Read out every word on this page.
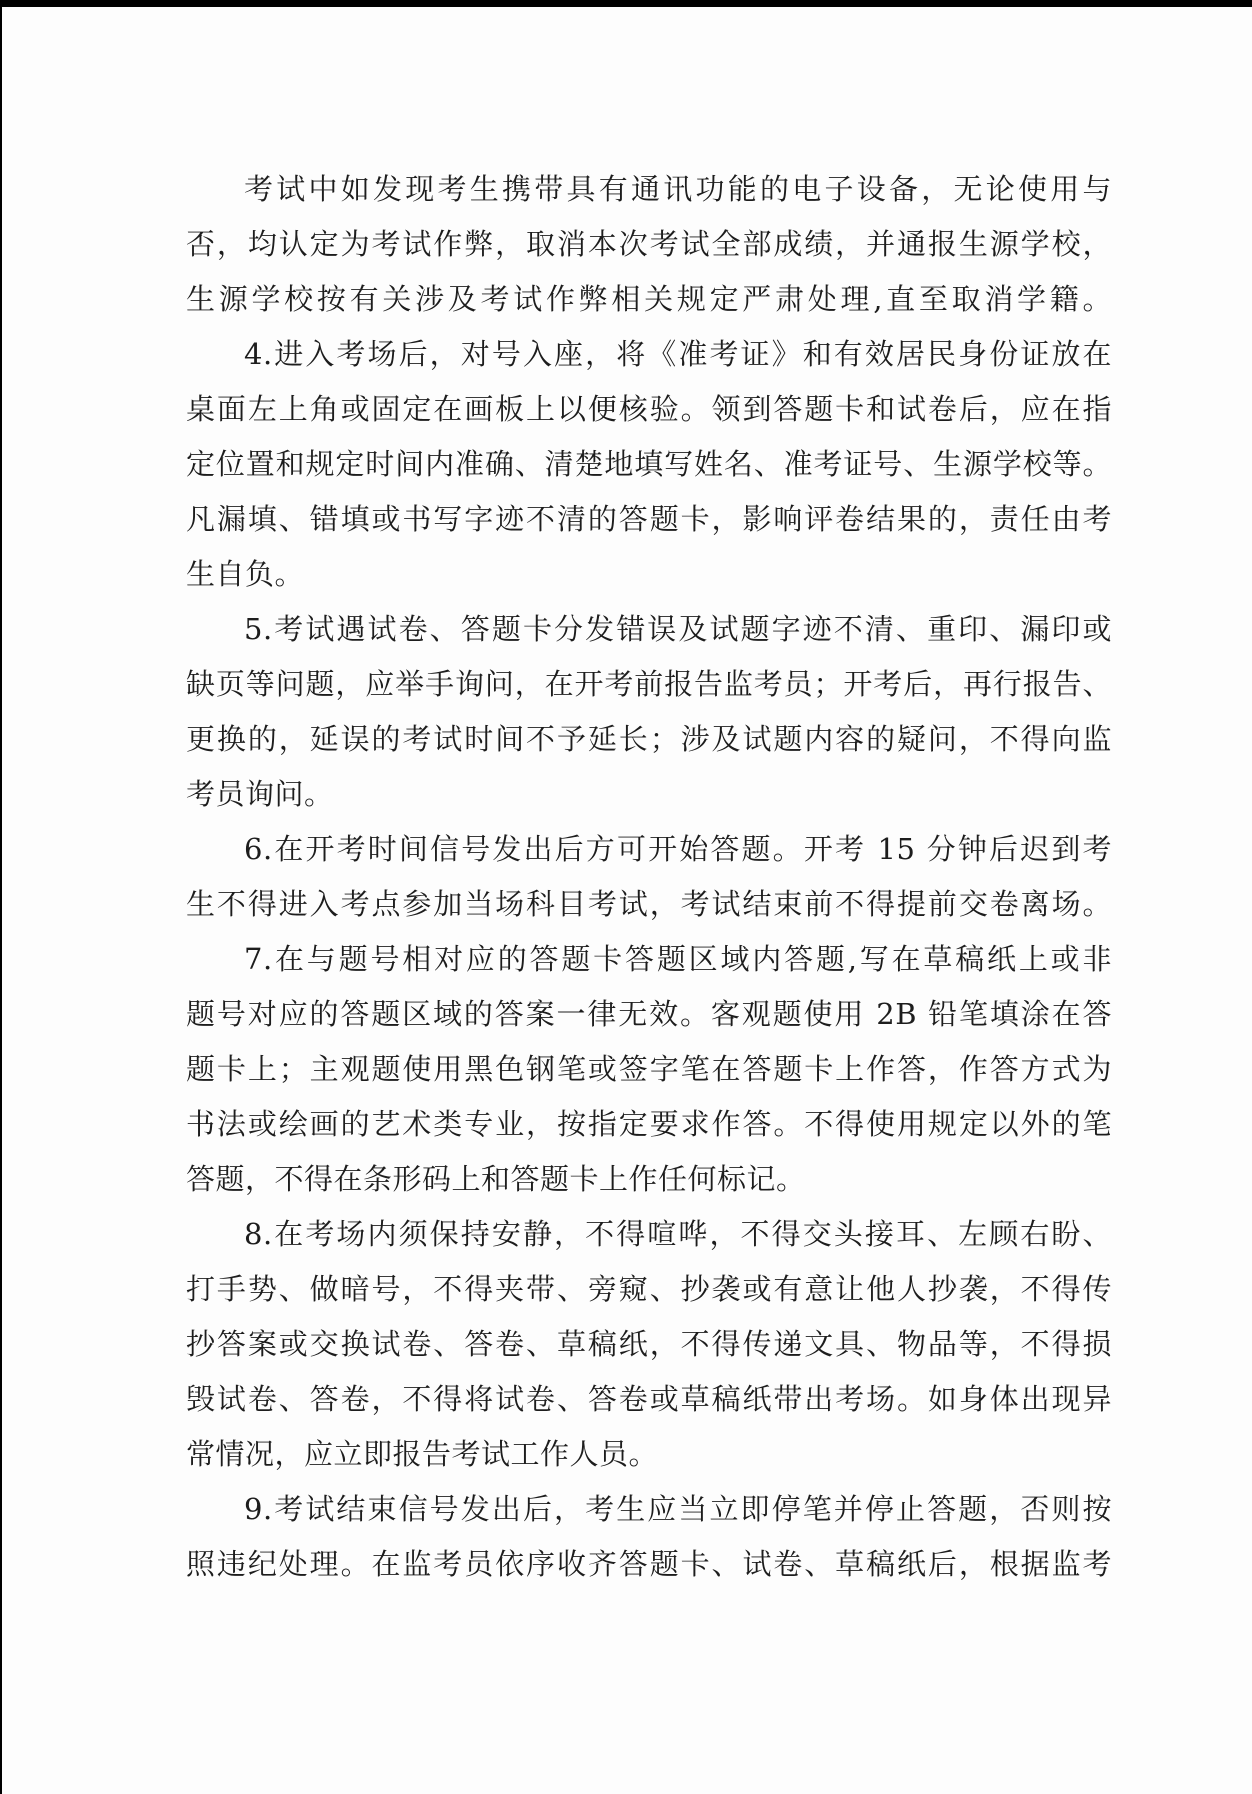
考试中如发现考生携带具有通讯功能的电子设备，无论使用与
否，均认定为考试作弊，取消本次考试全部成绩，并通报生源学校，
生源学校按有关涉及考试作弊相关规定严肃处理,直至取消学籍。
4.进入考场后，对号入座，将《准考证》和有效居民身份证放在
桌面左上角或固定在画板上以便核验。领到答题卡和试卷后，应在指
定位置和规定时间内准确、清楚地填写姓名、准考证号、生源学校等。
凡漏填、错填或书写字迹不清的答题卡，影响评卷结果的，责任由考
生自负。
5.考试遇试卷、答题卡分发错误及试题字迹不清、重印、漏印或
缺页等问题，应举手询问，在开考前报告监考员；开考后，再行报告、
更换的，延误的考试时间不予延长；涉及试题内容的疑问，不得向监
考员询问。
6.在开考时间信号发出后方可开始答题。开考 15 分钟后迟到考
生不得进入考点参加当场科目考试，考试结束前不得提前交卷离场。
7.在与题号相对应的答题卡答题区域内答题,写在草稿纸上或非
题号对应的答题区域的答案一律无效。客观题使用 2B 铅笔填涂在答
题卡上；主观题使用黑色钢笔或签字笔在答题卡上作答，作答方式为
书法或绘画的艺术类专业，按指定要求作答。不得使用规定以外的笔
答题，不得在条形码上和答题卡上作任何标记。
8.在考场内须保持安静，不得喧哗，不得交头接耳、左顾右盼、
打手势、做暗号，不得夹带、旁窥、抄袭或有意让他人抄袭，不得传
抄答案或交换试卷、答卷、草稿纸，不得传递文具、物品等，不得损
毁试卷、答卷，不得将试卷、答卷或草稿纸带出考场。如身体出现异
常情况，应立即报告考试工作人员。
9.考试结束信号发出后，考生应当立即停笔并停止答题，否则按
照违纪处理。在监考员依序收齐答题卡、试卷、草稿纸后，根据监考
